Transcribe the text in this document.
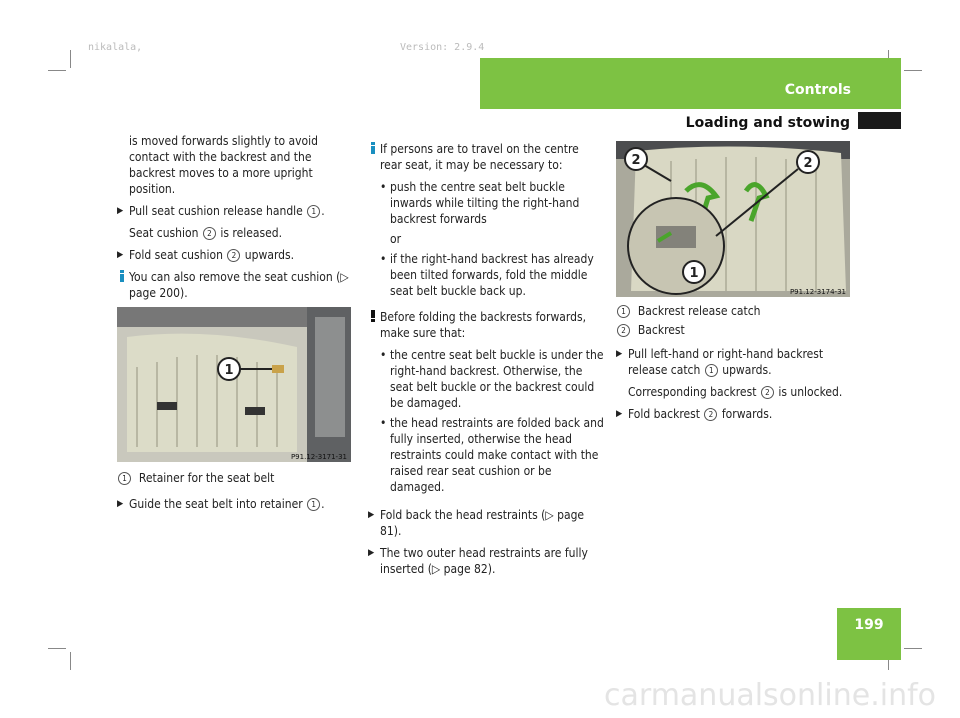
nikalala,	Version: 2.9.4
Controls
Loading and stowing
199

is moved forwards slightly to avoid contact with the backrest and the backrest moves to a more upright position.

▶ Pull seat cushion release handle 1 .
Seat cushion 2 is released.
▶ Fold seat cushion 2 upwards.
You can also remove the seat cushion (▷ page 200).
1
P91.12-3171-31
1 Retainer for the seat belt
▶ Guide the seat belt into retainer 1 .
If persons are to travel on the centre rear seat, it may be necessary to:
• push the centre seat belt buckle inwards while tilting the right-hand backrest forwards
or
• if the right-hand backrest has already been tilted forwards, fold the middle seat belt buckle back up.
Before folding the backrests forwards, make sure that:
• the centre seat belt buckle is under the right-hand backrest. Otherwise, the seat belt buckle or the backrest could be damaged.
• the head restraints are folded back and fully inserted, otherwise the head restraints could make contact with the raised rear seat cushion or be damaged.
▶ Fold back the head restraints (▷ page 81).
▶ The two outer head restraints are fully inserted (▷ page 82).
2	2
1
P91.12-3174-31
1 Backrest release catch
2 Backrest
▶ Pull left-hand or right-hand backrest release catch 1 upwards.
Corresponding backrest 2 is unlocked.
▶ Fold backrest 2 forwards.
carmanualsonline.info
